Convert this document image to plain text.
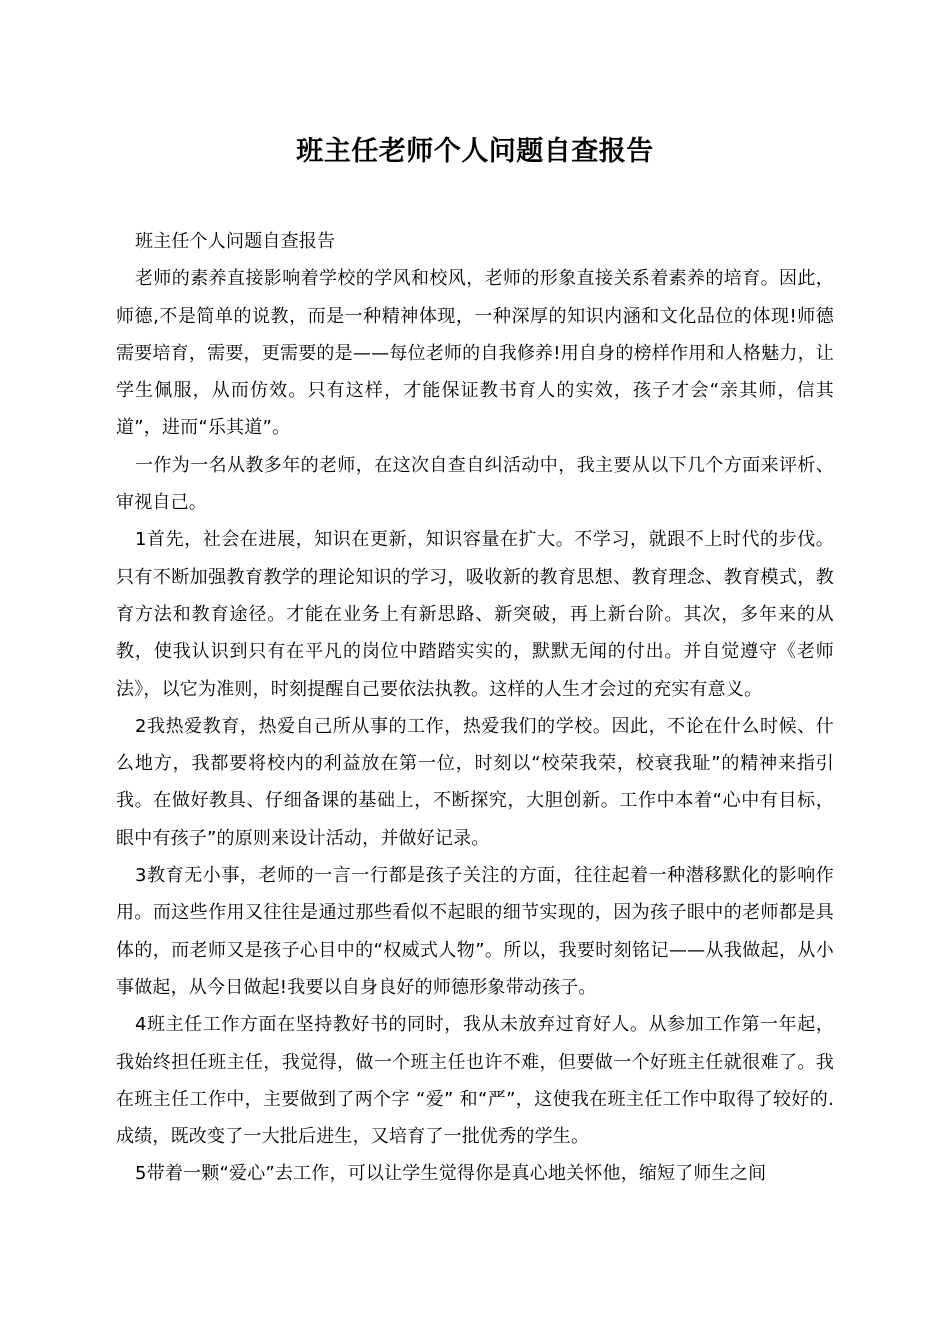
班主任老师个人问题自查报告

班主任个人问题自查报告

老师的素养直接影响着学校的学风和校风，老师的形象直接关系着素养的培育。因此，师德,不是简单的说教，而是一种精神体现，一种深厚的知识内涵和文化品位的体现!师德需要培育，需要，更需要的是——每位老师的自我修养!用自身的榜样作用和人格魅力，让学生佩服，从而仿效。只有这样，才能保证教书育人的实效，孩子才会“亲其师，信其道”，进而“乐其道”。

一作为一名从教多年的老师，在这次自查自纠活动中，我主要从以下几个方面来评析、审视自己。

1首先，社会在进展，知识在更新，知识容量在扩大。不学习，就跟不上时代的步伐。只有不断加强教育教学的理论知识的学习，吸收新的教育思想、教育理念、教育模式，教育方法和教育途径。才能在业务上有新思路、新突破，再上新台阶。其次，多年来的从教，使我认识到只有在平凡的岗位中踏踏实实的，默默无闻的付出。并自觉遵守《老师法》，以它为准则，时刻提醒自己要依法执教。这样的人生才会过的充实有意义。

2我热爱教育，热爱自己所从事的工作，热爱我们的学校。因此，不论在什么时候、什么地方，我都要将校内的利益放在第一位，时刻以“校荣我荣，校衰我耻”的精神来指引我。在做好教具、仔细备课的基础上，不断探究，大胆创新。工作中本着“心中有目标，眼中有孩子”的原则来设计活动，并做好记录。

3教育无小事，老师的一言一行都是孩子关注的方面，往往起着一种潜移默化的影响作用。而这些作用又往往是通过那些看似不起眼的细节实现的，因为孩子眼中的老师都是具体的，而老师又是孩子心目中的“权威式人物”。所以，我要时刻铭记——从我做起，从小事做起，从今日做起!我要以自身良好的师德形象带动孩子。

4班主任工作方面在坚持教好书的同时，我从未放弃过育好人。从参加工作第一年起，我始终担任班主任，我觉得，做一个班主任也许不难，但要做一个好班主任就很难了。我在班主任工作中，主要做到了两个字 “爱” 和“严”，这使我在班主任工作中取得了较好的.成绩，既改变了一大批后进生，又培育了一批优秀的学生。

5带着一颗“爱心”去工作，可以让学生觉得你是真心地关怀他，缩短了师生之间
